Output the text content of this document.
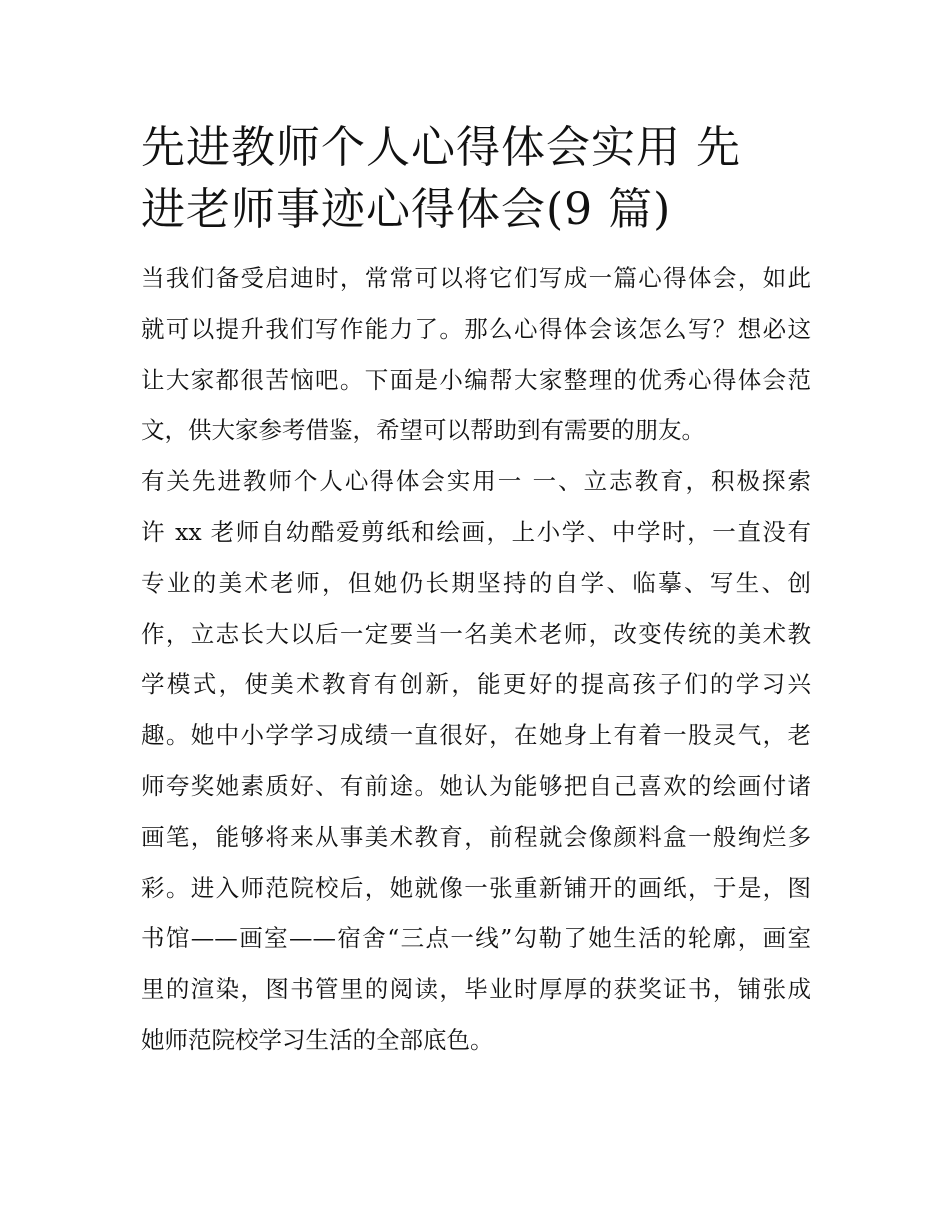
先进教师个人心得体会实用 先
进老师事迹心得体会(9 篇)

当我们备受启迪时，常常可以将它们写成一篇心得体会，如此

就可以提升我们写作能力了。那么心得体会该怎么写？想必这

让大家都很苦恼吧。下面是小编帮大家整理的优秀心得体会范

文，供大家参考借鉴，希望可以帮助到有需要的朋友。

有关先进教师个人心得体会实用一 一、立志教育，积极探索

许 xx 老师自幼酷爱剪纸和绘画，上小学、中学时，一直没有

专业的美术老师，但她仍长期坚持的自学、临摹、写生、创

作，立志长大以后一定要当一名美术老师，改变传统的美术教

学模式，使美术教育有创新，能更好的提高孩子们的学习兴

趣。她中小学学习成绩一直很好，在她身上有着一股灵气，老

师夸奖她素质好、有前途。她认为能够把自己喜欢的绘画付诸

画笔，能够将来从事美术教育，前程就会像颜料盒一般绚烂多

彩。进入师范院校后，她就像一张重新铺开的画纸，于是，图

书馆——画室——宿舍“三点一线”勾勒了她生活的轮廓，画室

里的渲染，图书管里的阅读，毕业时厚厚的获奖证书，铺张成

她师范院校学习生活的全部底色。
